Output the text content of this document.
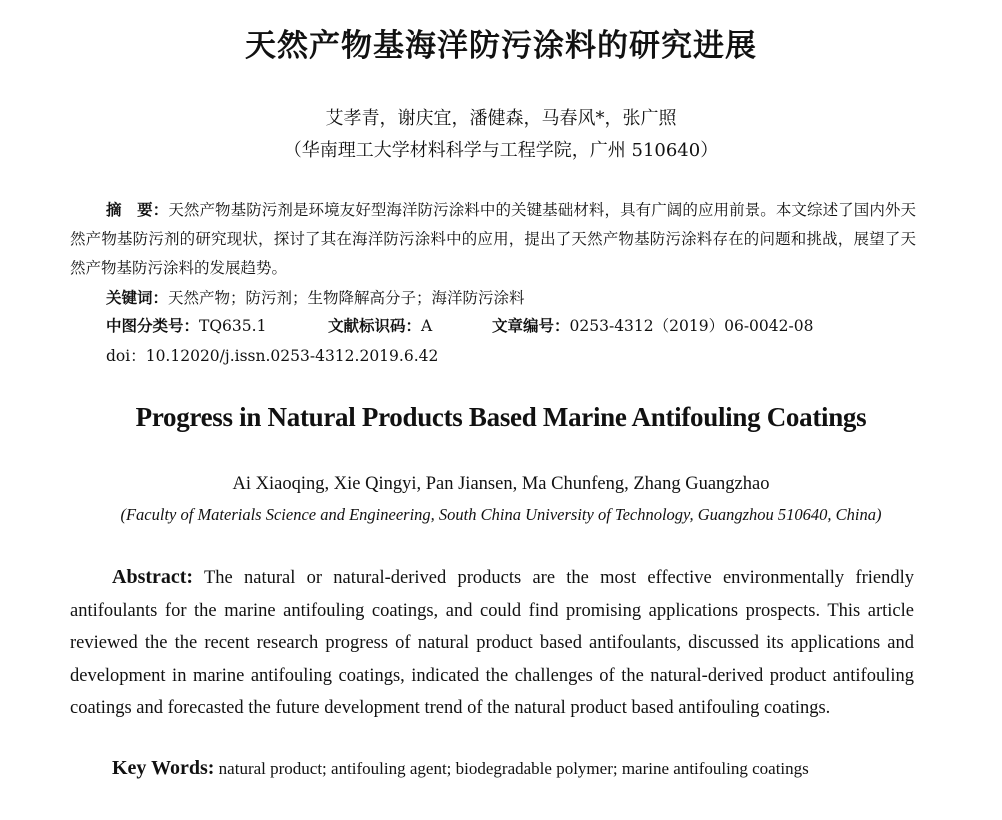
天然产物基海洋防污涂料的研究进展
艾孝青，谢庆宜，潘健森，马春风*，张广照
（华南理工大学材料科学与工程学院，广州 510640）
摘　要：天然产物基防污剂是环境友好型海洋防污涂料中的关键基础材料，具有广阔的应用前景。本文综述了国内外天然产物基防污剂的研究现状，探讨了其在海洋防污涂料中的应用，提出了天然产物基防污涂料存在的问题和挑战，展望了天然产物基防污涂料的发展趋势。
关键词：天然产物；防污剂；生物降解高分子；海洋防污涂料
中图分类号：TQ635.1	文献标识码：A	文章编号：0253-4312（2019）06-0042-08
doi：10.12020/j.issn.0253-4312.2019.6.42
Progress in Natural Products Based Marine Antifouling Coatings
Ai Xiaoqing, Xie Qingyi, Pan Jiansen, Ma Chunfeng, Zhang Guangzhao
(Faculty of Materials Science and Engineering, South China University of Technology, Guangzhou 510640, China)
Abstract: The natural or natural-derived products are the most effective environmentally friendly antifoulants for the marine antifouling coatings, and could find promising applications prospects. This article reviewed the the recent research progress of natural product based antifoulants, discussed its applications and development in marine antifouling coatings, indicated the challenges of the natural-derived product antifouling coatings and forecasted the future development trend of the natural product based antifouling coatings.
Key Words: natural product; antifouling agent; biodegradable polymer; marine antifouling coatings
